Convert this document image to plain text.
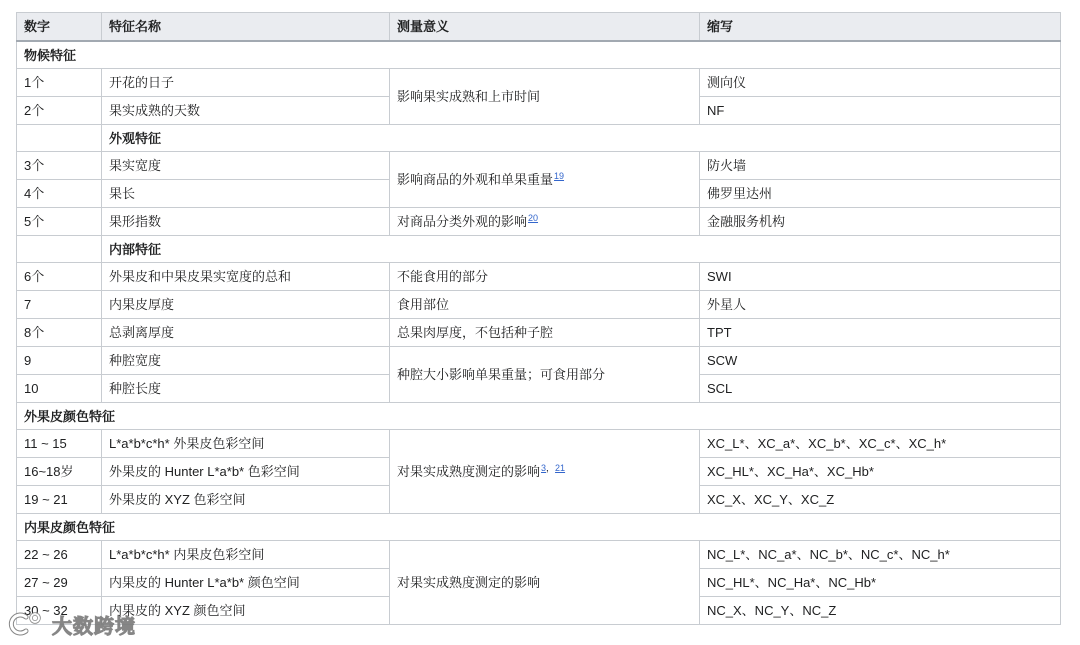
数字	特征名称	测量意义	缩写
物候特征			
1个	开花的日子	影响果实成熟和上市时间	测向仪
2个	果实成熟的天数		NF
	外观特征		
3个	果实宽度	影响商品的外观和单果重量$^{19}$	防火墙
4个	果长		佛罗里达州
5个	果形指数	对商品分类外观的影响$^{20}$	金融服务机构
	内部特征		
6个	外果皮和中果皮果实宽度的总和	不能食用的部分	SWI
7	内果皮厚度	食用部位	外星人
8个	总剥离厚度	总果肉厚度，不包括种子腔	TPT
9	种腔宽度	种腔大小影响单果重量；可食用部分	SCW
10	种腔长度		SCL
外果皮颜色特征			
11 ~ 15	L*a*b*c*h* 外果皮色彩空间	对果实成熟度测定的影响$^{3,21}$	XC_L*、XC_a*、XC_b*、XC_c*、XC_h*
16~18岁	外果皮的 Hunter L*a*b* 色彩空间		XC_HL*、XC_Ha*、XC_Hb*
19 ~ 21	外果皮的 XYZ 色彩空间		XC_X、XC_Y、XC_Z
内果皮颜色特征			
22 ~ 26	L*a*b*c*h* 内果皮色彩空间	对果实成熟度测定的影响	NC_L*、NC_a*、NC_b*、NC_c*、NC_h*
27 ~ 29	内果皮的 Hunter L*a*b* 颜色空间		NC_HL*、NC_Ha*、NC_Hb*
30 ~ 32	内果皮的 XYZ 颜色空间		NC_X、NC_Y、NC_Z
大数跨境
